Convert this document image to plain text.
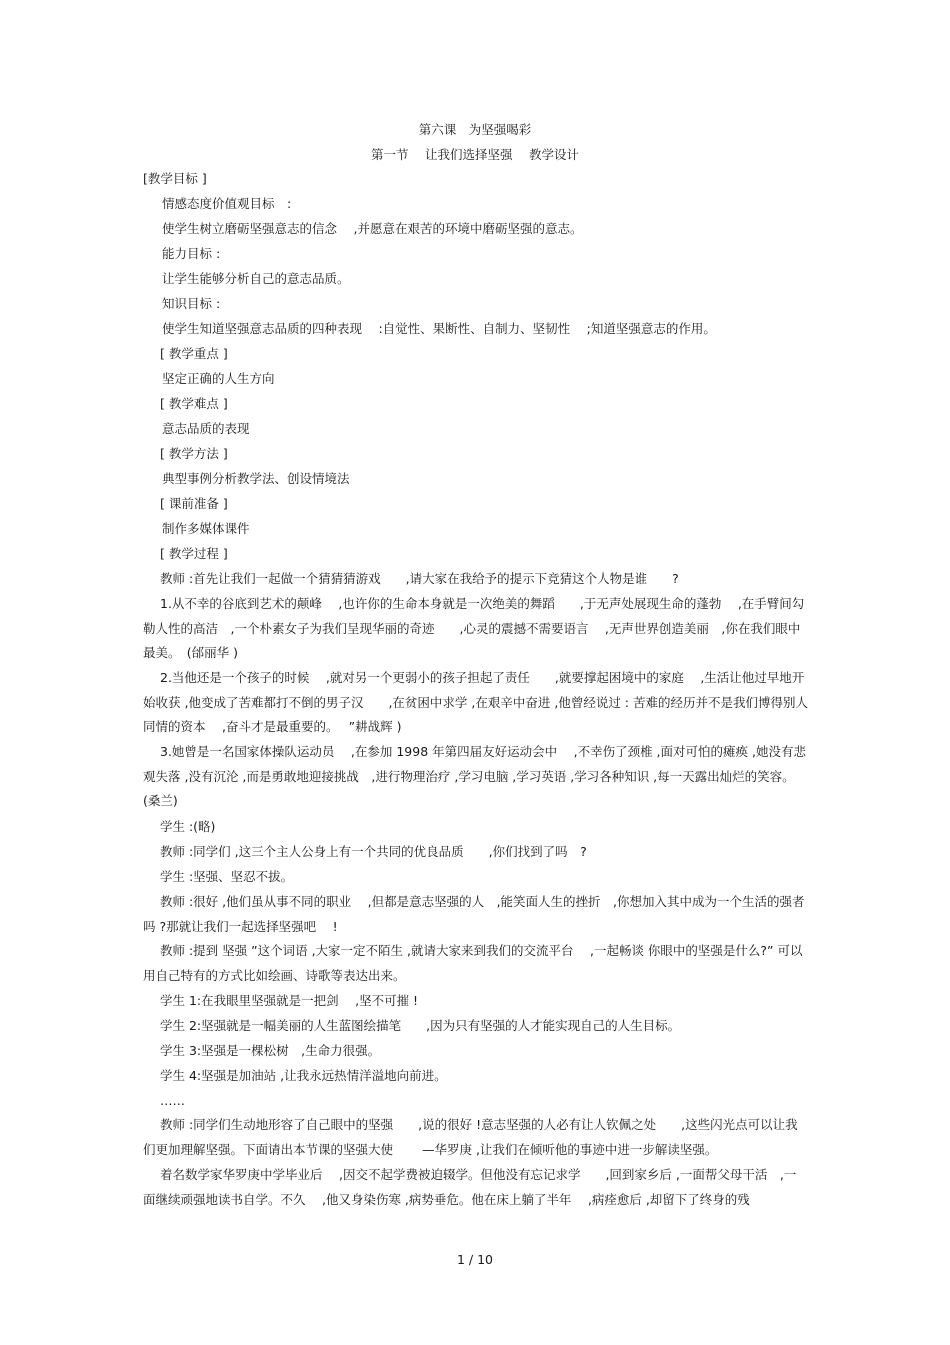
第六课　为坚强喝彩
第一节　 让我们选择坚强　 教学设计
[教学目标 ]
情感态度价值观目标　:
使学生树立磨砺坚强意志的信念　 ,并愿意在艰苦的环境中磨砺坚强的意志。
能力目标 :
让学生能够分析自己的意志品质。
知识目标 :
使学生知道坚强意志品质的四种表现　 :自觉性、果断性、自制力、坚韧性　 ;知道坚强意志的作用。
[ 教学重点 ]
坚定正确的人生方向
[ 教学难点 ]
意志品质的表现
[ 教学方法 ]
典型事例分析教学法、创设情境法
[ 课前准备 ]
制作多媒体课件
[ 教学过程 ]

教师 :首先让我们一起做一个猜猜猜游戏　　,请大家在我给予的提示下竞猜这个人物是谁　　?

1.从不幸的谷底到艺术的颠峰　 ,也许你的生命本身就是一次绝美的舞蹈　　,于无声处展现生命的蓬勃　 ,在手臂间勾勒人性的高洁　,一个朴素女子为我们呈现华丽的奇迹　　,心灵的震撼不需要语言　 ,无声世界创造美丽　,你在我们眼中最美。　(邰丽华 )

2.当他还是一个孩子的时候　 ,就对另一个更弱小的孩子担起了责任　　,就要撑起困境中的家庭　 ,生活让他过早地开始收获 ,他变成了苦难都打不倒的男子汉　　,在贫困中求学 ,在艰辛中奋进 ,他曾经说过 : 苦难的经历并不是我们博得别人同情的资本　 ,奋斗才是最重要的。　 ”耕战辉 )

3.她曾是一名国家体操队运动员　 ,在参加 1998 年第四届友好运动会中　 ,不幸伤了颈椎 ,面对可怕的瘫痪 ,她没有悲观失落 ,没有沉沦 ,而是勇敢地迎接挑战　,进行物理治疗 ,学习电脑 ,学习英语 ,学习各种知识 ,每一天露出灿烂的笑容。　(桑兰)

学生 :(略)

教师 :同学们 ,这三个主人公身上有一个共同的优良品质　　,你们找到了吗　?

学生 :坚强、坚忍不拔。

教师 :很好 ,他们虽从事不同的职业　 ,但都是意志坚强的人　,能笑面人生的挫折　,你想加入其中成为一个生活的强者吗 ?那就让我们一起选择坚强吧　 !

教师 :提到 坚强 ”这个词语 ,大家一定不陌生 ,就请大家来到我们的交流平台　 ,一起畅谈 你眼中的坚强是什么?” 可以用自己特有的方式比如绘画、诗歌等表达出来。

学生 1:在我眼里坚强就是一把剑　 ,坚不可摧 !

学生 2:坚强就是一幅美丽的人生蓝图绘描笔　　,因为只有坚强的人才能实现自己的人生目标。

学生 3:坚强是一棵松树　,生命力很强。

学生 4:坚强是加油站 ,让我永远热情洋溢地向前进。

……

教师 :同学们生动地形容了自己眼中的坚强　　,说的很好 !意志坚强的人必有让人钦佩之处　　,这些闪光点可以让我们更加理解坚强。下面请出本节课的坚强大使　　 —华罗庚 ,让我们在倾听他的事迹中进一步解读坚强。

着名数学家华罗庚中学毕业后　 ,因交不起学费被迫辍学。但他没有忘记求学　　,回到家乡后 ,一面帮父母干活　,一面继续顽强地读书自学。不久　 ,他又身染伤寒 ,病势垂危。他在床上躺了半年　 ,病痊愈后 ,却留下了终身的残

1 / 10
